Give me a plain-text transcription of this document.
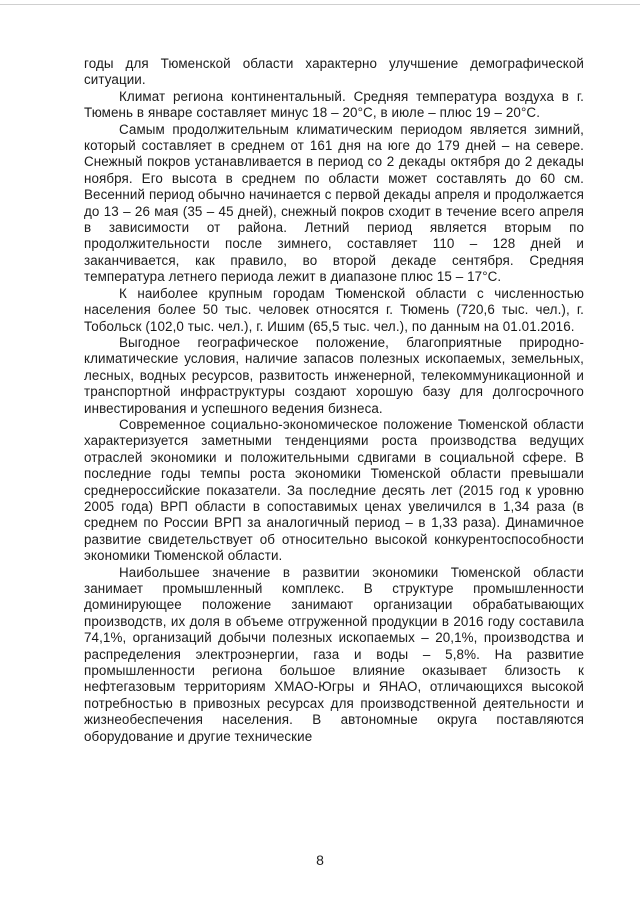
годы для Тюменской области характерно улучшение демографической ситуации.

Климат региона континентальный. Средняя температура воздуха в г. Тюмень в январе составляет минус 18 – 20°С, в июле – плюс 19 – 20°С.

Самым продолжительным климатическим периодом является зимний, который составляет в среднем от 161 дня на юге до 179 дней – на севере. Снежный покров устанавливается в период со 2 декады октября до 2 декады ноября. Его высота в среднем по области может составлять до 60 см. Весенний период обычно начинается с первой декады апреля и продолжается до 13 – 26 мая (35 – 45 дней), снежный покров сходит в течение всего апреля в зависимости от района. Летний период является вторым по продолжительности после зимнего, составляет 110 – 128 дней и заканчивается, как правило, во второй декаде сентября. Средняя температура летнего периода лежит в диапазоне плюс 15 – 17°С.

К наиболее крупным городам Тюменской области с численностью населения более 50 тыс. человек относятся г. Тюмень (720,6 тыс. чел.), г. Тобольск (102,0 тыс. чел.), г. Ишим (65,5 тыс. чел.), по данным на 01.01.2016.

Выгодное географическое положение, благоприятные природно-климатические условия, наличие запасов полезных ископаемых, земельных, лесных, водных ресурсов, развитость инженерной, телекоммуникационной и транспортной инфраструктуры создают хорошую базу для долгосрочного инвестирования и успешного ведения бизнеса.

Современное социально-экономическое положение Тюменской области характеризуется заметными тенденциями роста производства ведущих отраслей экономики и положительными сдвигами в социальной сфере. В последние годы темпы роста экономики Тюменской области превышали среднероссийские показатели. За последние десять лет (2015 год к уровню 2005 года) ВРП области в сопоставимых ценах увеличился в 1,34 раза (в среднем по России ВРП за аналогичный период – в 1,33 раза). Динамичное развитие свидетельствует об относительно высокой конкурентоспособности экономики Тюменской области.

Наибольшее значение в развитии экономики Тюменской области занимает промышленный комплекс. В структуре промышленности доминирующее положение занимают организации обрабатывающих производств, их доля в объеме отгруженной продукции в 2016 году составила 74,1%, организаций добычи полезных ископаемых – 20,1%, производства и распределения электроэнергии, газа и воды – 5,8%. На развитие промышленности региона большое влияние оказывает близость к нефтегазовым территориям ХМАО-Югры и ЯНАО, отличающихся высокой потребностью в привозных ресурсах для производственной деятельности и жизнеобеспечения населения. В автономные округа поставляются оборудование и другие технические

8
